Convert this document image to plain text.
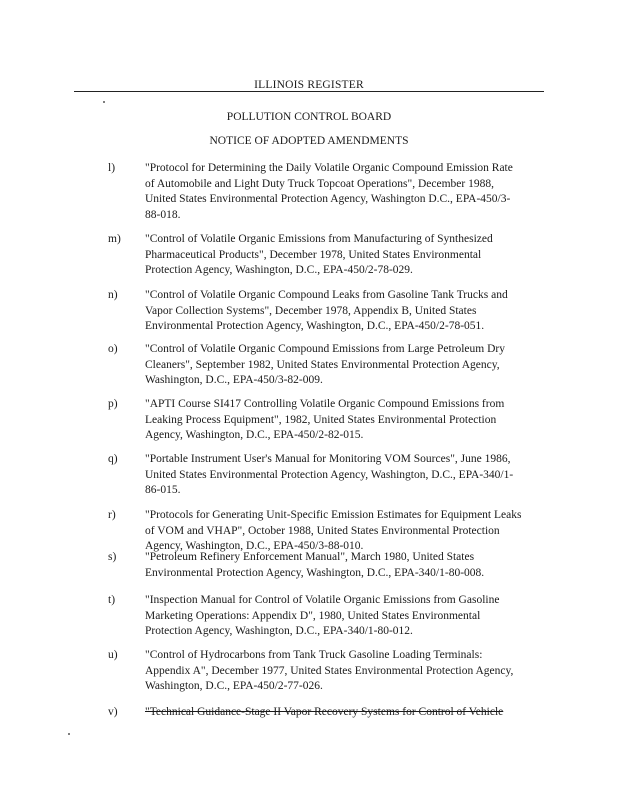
ILLINOIS REGISTER
POLLUTION CONTROL BOARD
NOTICE OF ADOPTED AMENDMENTS
l)	"Protocol for Determining the Daily Volatile Organic Compound Emission Rate
of Automobile and Light Duty Truck Topcoat Operations", December 1988,
United States Environmental Protection Agency, Washington D.C., EPA-450/3-
88-018.
m) "Control of Volatile Organic Emissions from Manufacturing of Synthesized
Pharmaceutical Products", December 1978, United States Environmental
Protection Agency, Washington, D.C., EPA-450/2-78-029.
n) "Control of Volatile Organic Compound Leaks from Gasoline Tank Trucks and
Vapor Collection Systems", December 1978, Appendix B, United States
Environmental Protection Agency, Washington, D.C., EPA-450/2-78-051.
o) "Control of Volatile Organic Compound Emissions from Large Petroleum Dry
Cleaners", September 1982, United States Environmental Protection Agency,
Washington, D.C., EPA-450/3-82-009.
p) "APTI Course SI417 Controlling Volatile Organic Compound Emissions from
Leaking Process Equipment", 1982, United States Environmental Protection
Agency, Washington, D.C., EPA-450/2-82-015.
q) "Portable Instrument User's Manual for Monitoring VOM Sources", June 1986,
United States Environmental Protection Agency, Washington, D.C., EPA-340/1-
86-015.
r)	"Protocols for Generating Unit-Specific Emission Estimates for Equipment Leaks
of VOM and VHAP", October 1988, United States Environmental Protection
Agency, Washington, D.C., EPA-450/3-88-010.
s) "Petroleum Refinery Enforcement Manual", March 1980, United States
Environmental Protection Agency, Washington, D.C., EPA-340/1-80-008.
t)	"Inspection Manual for Control of Volatile Organic Emissions from Gasoline
Marketing Operations: Appendix D", 1980, United States Environmental
Protection Agency, Washington, D.C., EPA-340/1-80-012.
u) "Control of Hydrocarbons from Tank Truck Gasoline Loading Terminals:
Appendix A", December 1977, United States Environmental Protection Agency,
Washington, D.C., EPA-450/2-77-026.
v) "Technical Guidance-Stage II Vapor Recovery Systems for Control of Vehicle
